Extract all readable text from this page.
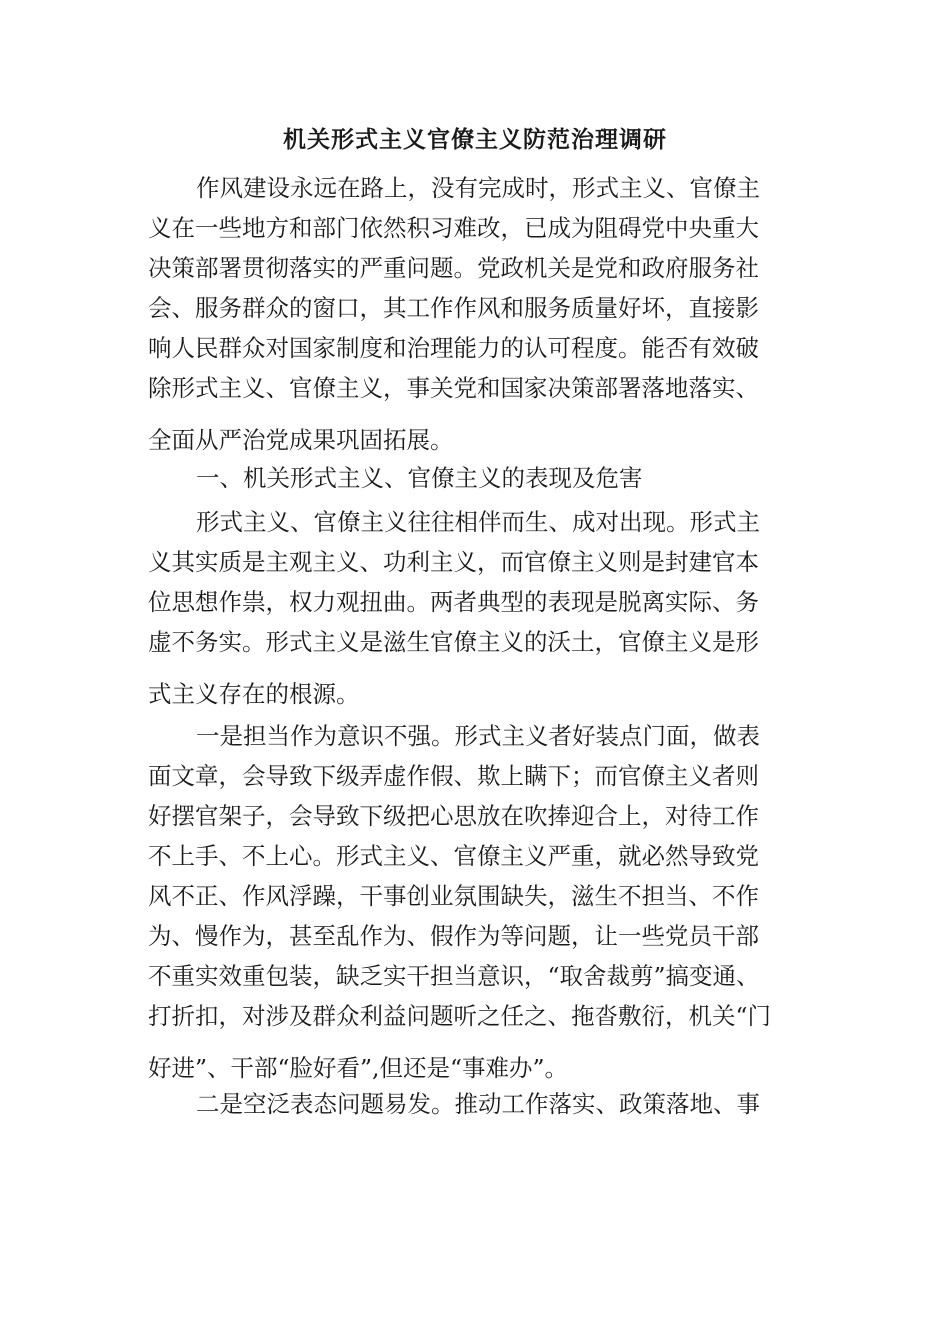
机关形式主义官僚主义防范治理调研
作风建设永远在路上，没有完成时，形式主义、官僚主
义在一些地方和部门依然积习难改，已成为阻碍党中央重大
决策部署贯彻落实的严重问题。党政机关是党和政府服务社
会、服务群众的窗口，其工作作风和服务质量好坏，直接影
响人民群众对国家制度和治理能力的认可程度。能否有效破
除形式主义、官僚主义，事关党和国家决策部署落地落实、
全面从严治党成果巩固拓展。
一、机关形式主义、官僚主义的表现及危害
形式主义、官僚主义往往相伴而生、成对出现。形式主
义其实质是主观主义、功利主义，而官僚主义则是封建官本
位思想作祟，权力观扭曲。两者典型的表现是脱离实际、务
虚不务实。形式主义是滋生官僚主义的沃土，官僚主义是形
式主义存在的根源。
一是担当作为意识不强。形式主义者好装点门面，做表
面文章，会导致下级弄虚作假、欺上瞒下；而官僚主义者则
好摆官架子，会导致下级把心思放在吹捧迎合上，对待工作
不上手、不上心。形式主义、官僚主义严重，就必然导致党
风不正、作风浮躁，干事创业氛围缺失，滋生不担当、不作
为、慢作为，甚至乱作为、假作为等问题，让一些党员干部
不重实效重包装，缺乏实干担当意识，“取舍裁剪”搞变通、
打折扣，对涉及群众利益问题听之任之、拖沓敷衍，机关“门
好进”、干部“脸好看”,但还是“事难办”。
二是空泛表态问题易发。推动工作落实、政策落地、事
